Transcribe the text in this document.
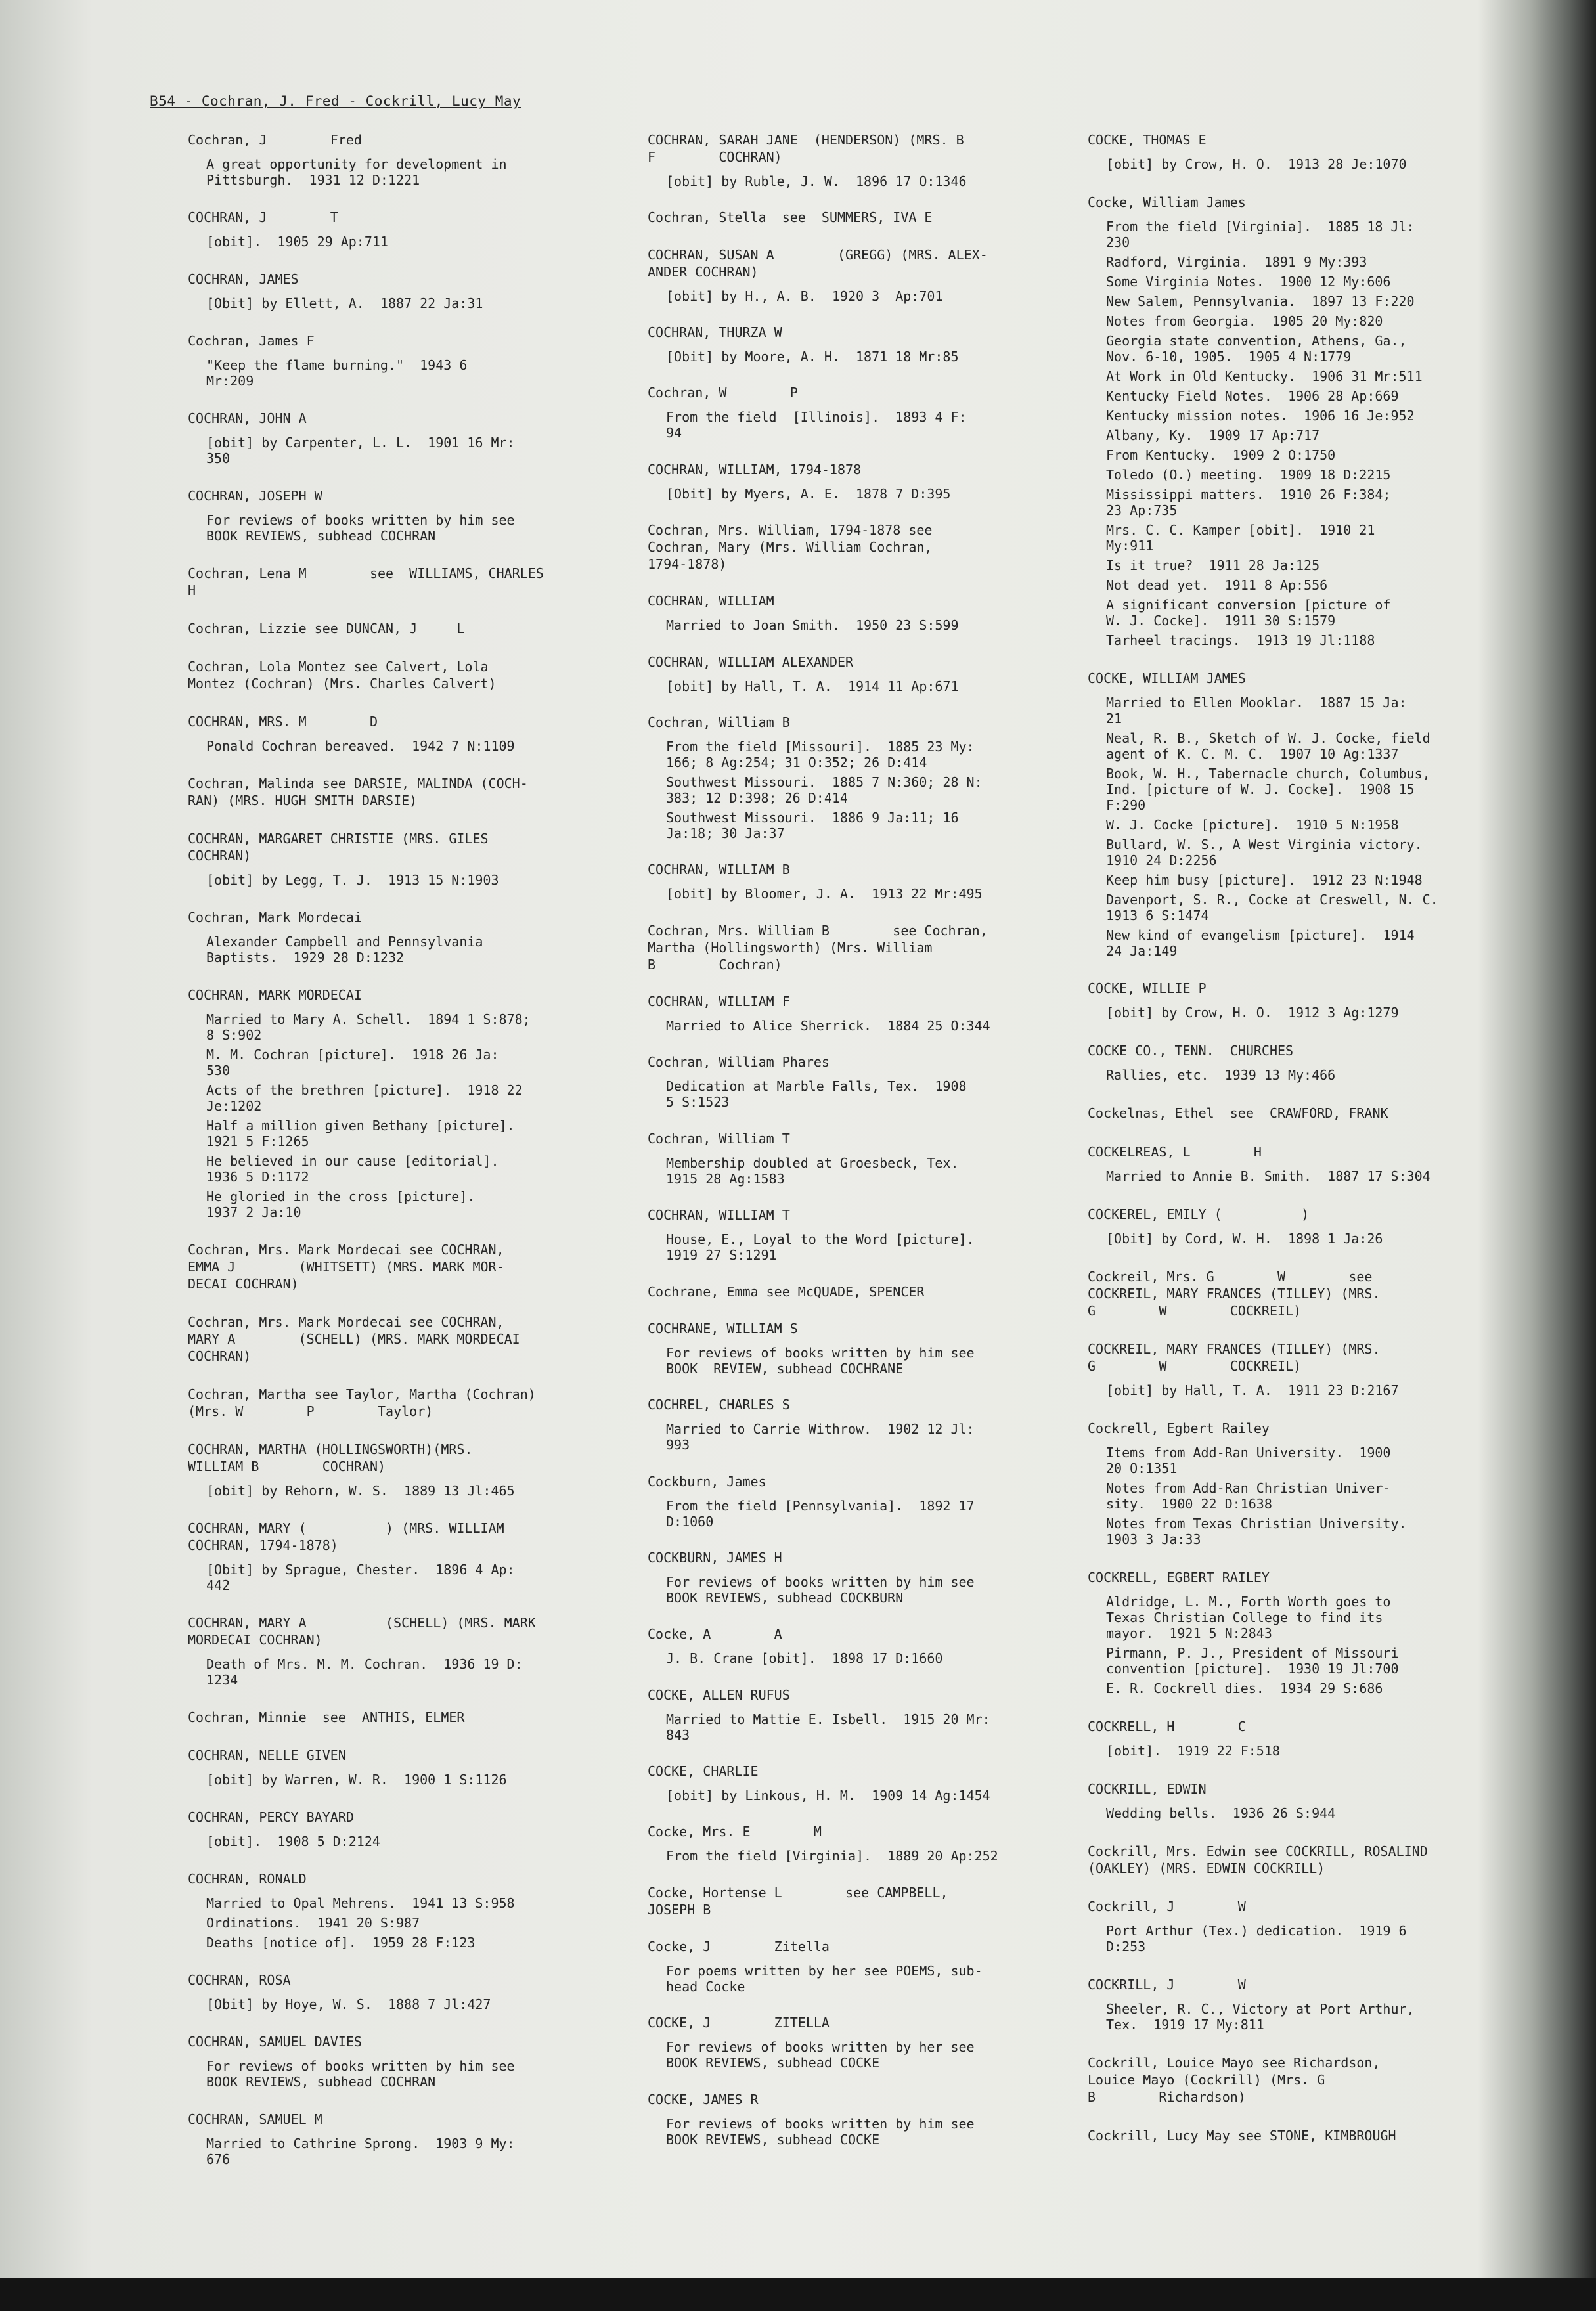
B54 - Cochran, J. Fred - Cockrill, Lucy May
Cochran, J        Fred
A great opportunity for development in
Pittsburgh.  1931 12 D:1221
COCHRAN, J        T
[obit].  1905 29 Ap:711
COCHRAN, JAMES
[Obit] by Ellett, A.  1887 22 Ja:31
Cochran, James F
"Keep the flame burning."  1943 6
Mr:209
COCHRAN, JOHN A
[obit] by Carpenter, L. L.  1901 16 Mr:
350
COCHRAN, JOSEPH W
For reviews of books written by him see
BOOK REVIEWS, subhead COCHRAN
Cochran, Lena M        see  WILLIAMS, CHARLES
H
Cochran, Lizzie see DUNCAN, J     L
Cochran, Lola Montez see Calvert, Lola
Montez (Cochran) (Mrs. Charles Calvert)
COCHRAN, MRS. M        D
Ponald Cochran bereaved.  1942 7 N:1109
Cochran, Malinda see DARSIE, MALINDA (COCH-
RAN) (MRS. HUGH SMITH DARSIE)
COCHRAN, MARGARET CHRISTIE (MRS. GILES
COCHRAN)
[obit] by Legg, T. J.  1913 15 N:1903
Cochran, Mark Mordecai
Alexander Campbell and Pennsylvania
Baptists.  1929 28 D:1232
COCHRAN, MARK MORDECAI
Married to Mary A. Schell.  1894 1 S:878;
8 S:902
M. M. Cochran [picture].  1918 26 Ja:
530
Acts of the brethren [picture].  1918 22
Je:1202
Half a million given Bethany [picture].
1921 5 F:1265
He believed in our cause [editorial].
1936 5 D:1172
He gloried in the cross [picture].
1937 2 Ja:10
Cochran, Mrs. Mark Mordecai see COCHRAN,
EMMA J        (WHITSETT) (MRS. MARK MOR-
DECAI COCHRAN)
Cochran, Mrs. Mark Mordecai see COCHRAN,
MARY A        (SCHELL) (MRS. MARK MORDECAI
COCHRAN)
Cochran, Martha see Taylor, Martha (Cochran)
(Mrs. W        P        Taylor)
COCHRAN, MARTHA (HOLLINGSWORTH)(MRS.
WILLIAM B        COCHRAN)
[obit] by Rehorn, W. S.  1889 13 Jl:465
COCHRAN, MARY (          ) (MRS. WILLIAM
COCHRAN, 1794-1878)
[Obit] by Sprague, Chester.  1896 4 Ap:
442
COCHRAN, MARY A          (SCHELL) (MRS. MARK
MORDECAI COCHRAN)
Death of Mrs. M. M. Cochran.  1936 19 D:
1234
Cochran, Minnie  see  ANTHIS, ELMER
COCHRAN, NELLE GIVEN
[obit] by Warren, W. R.  1900 1 S:1126
COCHRAN, PERCY BAYARD
[obit].  1908 5 D:2124
COCHRAN, RONALD
Married to Opal Mehrens.  1941 13 S:958
Ordinations.  1941 20 S:987
Deaths [notice of].  1959 28 F:123
COCHRAN, ROSA
[Obit] by Hoye, W. S.  1888 7 Jl:427
COCHRAN, SAMUEL DAVIES
For reviews of books written by him see
BOOK REVIEWS, subhead COCHRAN
COCHRAN, SAMUEL M
Married to Cathrine Sprong.  1903 9 My:
676
COCHRAN, SARAH JANE  (HENDERSON) (MRS. B
F        COCHRAN)
[obit] by Ruble, J. W.  1896 17 O:1346
Cochran, Stella  see  SUMMERS, IVA E
COCHRAN, SUSAN A        (GREGG) (MRS. ALEX-
ANDER COCHRAN)
[obit] by H., A. B.  1920 3  Ap:701
COCHRAN, THURZA W
[Obit] by Moore, A. H.  1871 18 Mr:85
Cochran, W        P
From the field  [Illinois].  1893 4 F:
94
COCHRAN, WILLIAM, 1794-1878
[Obit] by Myers, A. E.  1878 7 D:395
Cochran, Mrs. William, 1794-1878 see
Cochran, Mary (Mrs. William Cochran,
1794-1878)
COCHRAN, WILLIAM
Married to Joan Smith.  1950 23 S:599
COCHRAN, WILLIAM ALEXANDER
[obit] by Hall, T. A.  1914 11 Ap:671
Cochran, William B
From the field [Missouri].  1885 23 My:
166; 8 Ag:254; 31 O:352; 26 D:414
Southwest Missouri.  1885 7 N:360; 28 N:
383; 12 D:398; 26 D:414
Southwest Missouri.  1886 9 Ja:11; 16
Ja:18; 30 Ja:37
COCHRAN, WILLIAM B
[obit] by Bloomer, J. A.  1913 22 Mr:495
Cochran, Mrs. William B        see Cochran,
Martha (Hollingsworth) (Mrs. William
B        Cochran)
COCHRAN, WILLIAM F
Married to Alice Sherrick.  1884 25 O:344
Cochran, William Phares
Dedication at Marble Falls, Tex.  1908
5 S:1523
Cochran, William T
Membership doubled at Groesbeck, Tex.
1915 28 Ag:1583
COCHRAN, WILLIAM T
House, E., Loyal to the Word [picture].
1919 27 S:1291
Cochrane, Emma see McQUADE, SPENCER
COCHRANE, WILLIAM S
For reviews of books written by him see
BOOK  REVIEW, subhead COCHRANE
COCHREL, CHARLES S
Married to Carrie Withrow.  1902 12 Jl:
993
Cockburn, James
From the field [Pennsylvania].  1892 17
D:1060
COCKBURN, JAMES H
For reviews of books written by him see
BOOK REVIEWS, subhead COCKBURN
Cocke, A        A
J. B. Crane [obit].  1898 17 D:1660
COCKE, ALLEN RUFUS
Married to Mattie E. Isbell.  1915 20 Mr:
843
COCKE, CHARLIE
[obit] by Linkous, H. M.  1909 14 Ag:1454
Cocke, Mrs. E        M
From the field [Virginia].  1889 20 Ap:252
Cocke, Hortense L        see CAMPBELL,
JOSEPH B
Cocke, J        Zitella
For poems written by her see POEMS, sub-
head Cocke
COCKE, J        ZITELLA
For reviews of books written by her see
BOOK REVIEWS, subhead COCKE
COCKE, JAMES R
For reviews of books written by him see
BOOK REVIEWS, subhead COCKE
COCKE, THOMAS E
[obit] by Crow, H. O.  1913 28 Je:1070
Cocke, William James
From the field [Virginia].  1885 18 Jl:
230
Radford, Virginia.  1891 9 My:393
Some Virginia Notes.  1900 12 My:606
New Salem, Pennsylvania.  1897 13 F:220
Notes from Georgia.  1905 20 My:820
Georgia state convention, Athens, Ga.,
Nov. 6-10, 1905.  1905 4 N:1779
At Work in Old Kentucky.  1906 31 Mr:511
Kentucky Field Notes.  1906 28 Ap:669
Kentucky mission notes.  1906 16 Je:952
Albany, Ky.  1909 17 Ap:717
From Kentucky.  1909 2 O:1750
Toledo (O.) meeting.  1909 18 D:2215
Mississippi matters.  1910 26 F:384;
23 Ap:735
Mrs. C. C. Kamper [obit].  1910 21
My:911
Is it true?  1911 28 Ja:125
Not dead yet.  1911 8 Ap:556
A significant conversion [picture of
W. J. Cocke].  1911 30 S:1579
Tarheel tracings.  1913 19 Jl:1188
COCKE, WILLIAM JAMES
Married to Ellen Mooklar.  1887 15 Ja:
21
Neal, R. B., Sketch of W. J. Cocke, field
agent of K. C. M. C.  1907 10 Ag:1337
Book, W. H., Tabernacle church, Columbus,
Ind. [picture of W. J. Cocke].  1908 15
F:290
W. J. Cocke [picture].  1910 5 N:1958
Bullard, W. S., A West Virginia victory.
1910 24 D:2256
Keep him busy [picture].  1912 23 N:1948
Davenport, S. R., Cocke at Creswell, N. C.
1913 6 S:1474
New kind of evangelism [picture].  1914
24 Ja:149
COCKE, WILLIE P
[obit] by Crow, H. O.  1912 3 Ag:1279
COCKE CO., TENN.  CHURCHES
Rallies, etc.  1939 13 My:466
Cockelnas, Ethel  see  CRAWFORD, FRANK
COCKELREAS, L        H
Married to Annie B. Smith.  1887 17 S:304
COCKEREL, EMILY (          )
[Obit] by Cord, W. H.  1898 1 Ja:26
Cockreil, Mrs. G        W        see
COCKREIL, MARY FRANCES (TILLEY) (MRS.
G        W        COCKREIL)
COCKREIL, MARY FRANCES (TILLEY) (MRS.
G        W        COCKREIL)
[obit] by Hall, T. A.  1911 23 D:2167
Cockrell, Egbert Railey
Items from Add-Ran University.  1900
20 O:1351
Notes from Add-Ran Christian Univer-
sity.  1900 22 D:1638
Notes from Texas Christian University.
1903 3 Ja:33
COCKRELL, EGBERT RAILEY
Aldridge, L. M., Forth Worth goes to
Texas Christian College to find its
mayor.  1921 5 N:2843
Pirmann, P. J., President of Missouri
convention [picture].  1930 19 Jl:700
E. R. Cockrell dies.  1934 29 S:686
COCKRELL, H        C
[obit].  1919 22 F:518
COCKRILL, EDWIN
Wedding bells.  1936 26 S:944
Cockrill, Mrs. Edwin see COCKRILL, ROSALIND
(OAKLEY) (MRS. EDWIN COCKRILL)
Cockrill, J        W
Port Arthur (Tex.) dedication.  1919 6
D:253
COCKRILL, J        W
Sheeler, R. C., Victory at Port Arthur,
Tex.  1919 17 My:811
Cockrill, Louice Mayo see Richardson,
Louice Mayo (Cockrill) (Mrs. G
B        Richardson)
Cockrill, Lucy May see STONE, KIMBROUGH
